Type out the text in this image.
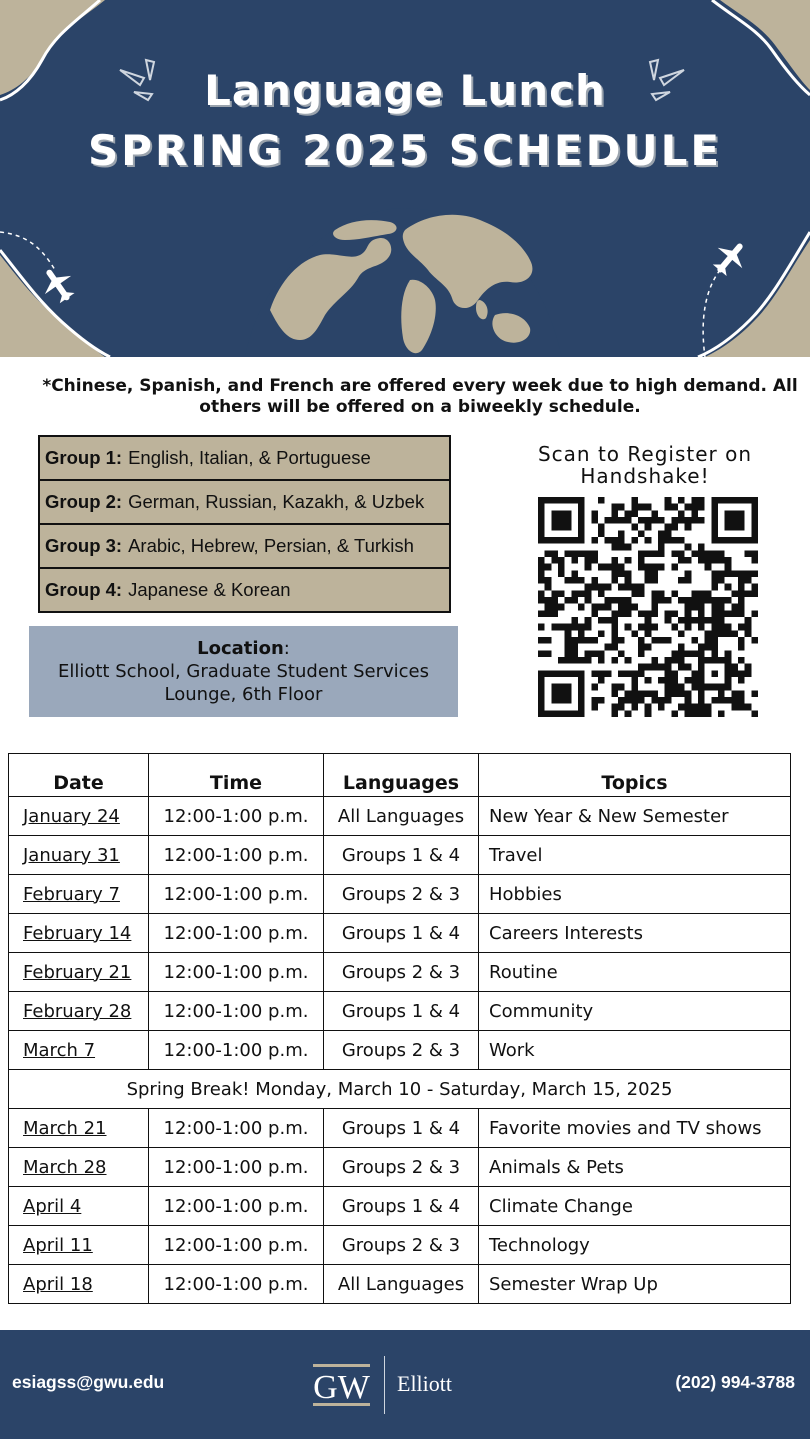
Language Lunch
SPRING 2025 SCHEDULE
*Chinese, Spanish, and French are offered every week due to high demand. All others will be offered on a biweekly schedule.
Group 1: English, Italian, & Portuguese
Group 2: German, Russian, Kazakh, & Uzbek
Group 3: Arabic, Hebrew, Persian, & Turkish
Group 4: Japanese & Korean
Location:
Elliott School, Graduate Student Services
Lounge, 6th Floor
Scan to Register on
Handshake!
Date	Time	Languages	Topics
January 24	12:00-1:00 p.m.	All Languages	New Year & New Semester
January 31	12:00-1:00 p.m.	Groups 1 & 4	Travel
February 7	12:00-1:00 p.m.	Groups 2 & 3	Hobbies
February 14	12:00-1:00 p.m.	Groups 1 & 4	Careers Interests
February 21	12:00-1:00 p.m.	Groups 2 & 3	Routine
February 28	12:00-1:00 p.m.	Groups 1 & 4	Community
March 7	12:00-1:00 p.m.	Groups 2 & 3	Work
Spring Break! Monday, March 10 - Saturday, March 15, 2025			
March 21	12:00-1:00 p.m.	Groups 1 & 4	Favorite movies and TV shows
March 28	12:00-1:00 p.m.	Groups 2 & 3	Animals & Pets
April 4	12:00-1:00 p.m.	Groups 1 & 4	Climate Change
April 11	12:00-1:00 p.m.	Groups 2 & 3	Technology
April 18	12:00-1:00 p.m.	All Languages	Semester Wrap Up
esiagss@gwu.edu	GW Elliott	(202) 994-3788
